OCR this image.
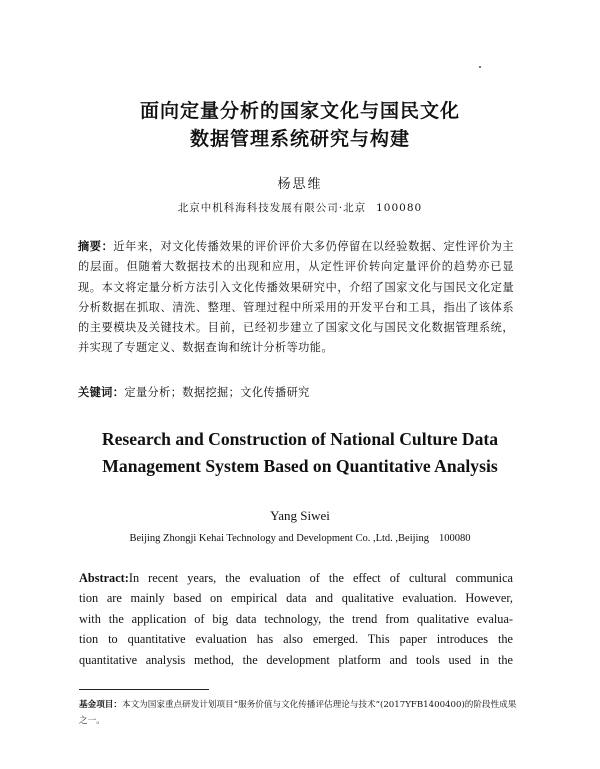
面向定量分析的国家文化与国民文化
数据管理系统研究与构建
杨思维
北京中机科海科技发展有限公司·北京 100080
摘要：近年来，对文化传播效果的评价评价大多仍停留在以经验数据、定性评价为主的层面。但随着大数据技术的出现和应用，从定性评价转向定量评价的趋势亦已显现。本文将定量分析方法引入文化传播效果研究中，介绍了国家文化与国民文化定量分析数据在抓取、清洗、整理、管理过程中所采用的开发平台和工具，指出了该体系的主要模块及关键技术。目前，已经初步建立了国家文化与国民文化数据管理系统，并实现了专题定义、数据查询和统计分析等功能。
关键词：定量分析；数据挖掘；文化传播研究
Research and Construction of National Culture Data
Management System Based on Quantitative Analysis
Yang Siwei
Beijing Zhongji Kehai Technology and Development Co. ,Ltd. ,Beijing 100080
Abstract:In recent years, the evaluation of the effect of cultural communica
tion are mainly based on empirical data and qualitative evaluation. However,
with the application of big data technology, the trend from qualitative evalua-
tion to quantitative evaluation has also emerged. This paper introduces the
quantitative analysis method, the development platform and tools used in the
基金项目：本文为国家重点研发计划项目“服务价值与文化传播评估理论与技术”(2017YFB1400400)的阶段性成果之一。
